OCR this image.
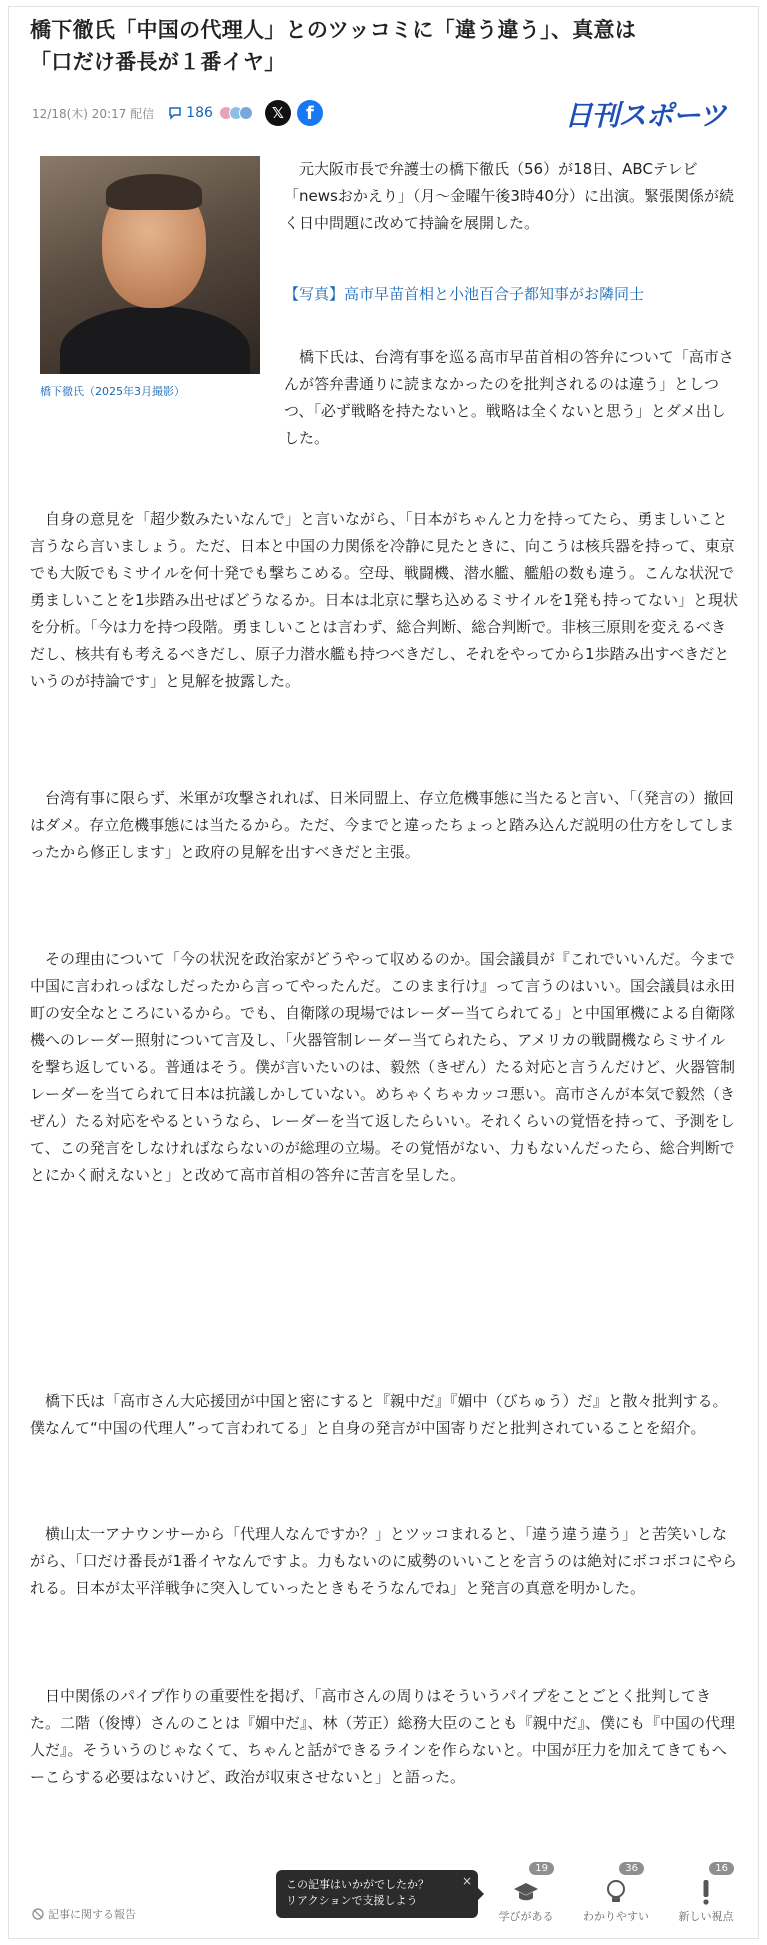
橋下徹氏「中国の代理人」とのツッコミに「違う違う」、真意は
「口だけ番長が１番イヤ」
12/18(木) 20:17 配信 186	𝕏	f	日刊スポーツ
橋下徹氏（2025年3月撮影）

元大阪市長で弁護士の橋下徹氏（56）が18日、ABCテレビ「newsおかえり」（月～金曜午後3時40分）に出演。緊張関係が続く日中問題に改めて持論を展開した。

【写真】高市早苗首相と小池百合子都知事がお隣同士

橋下氏は、台湾有事を巡る高市早苗首相の答弁について「高市さんが答弁書通りに読まなかったのを批判されるのは違う」としつつ、「必ず戦略を持たないと。戦略は全くないと思う」とダメ出しした。

自身の意見を「超少数みたいなんで」と言いながら、「日本がちゃんと力を持ってたら、勇ましいこと言うなら言いましょう。ただ、日本と中国の力関係を冷静に見たときに、向こうは核兵器を持って、東京でも大阪でもミサイルを何十発でも撃ちこめる。空母、戦闘機、潜水艦、艦船の数も違う。こんな状況で勇ましいことを1歩踏み出せばどうなるか。日本は北京に撃ち込めるミサイルを1発も持ってない」と現状を分析。「今は力を持つ段階。勇ましいことは言わず、総合判断、総合判断で。非核三原則を変えるべきだし、核共有も考えるべきだし、原子力潜水艦も持つべきだし、それをやってから1歩踏み出すべきだというのが持論です」と見解を披露した。

台湾有事に限らず、米軍が攻撃されれば、日米同盟上、存立危機事態に当たると言い、「（発言の）撤回はダメ。存立危機事態には当たるから。ただ、今までと違ったちょっと踏み込んだ説明の仕方をしてしまったから修正します」と政府の見解を出すべきだと主張。

その理由について「今の状況を政治家がどうやって収めるのか。国会議員が『これでいいんだ。今まで中国に言われっぱなしだったから言ってやったんだ。このまま行け』って言うのはいい。国会議員は永田町の安全なところにいるから。でも、自衛隊の現場ではレーダー当てられてる」と中国軍機による自衛隊機へのレーダー照射について言及し、「火器管制レーダー当てられたら、アメリカの戦闘機ならミサイルを撃ち返している。普通はそう。僕が言いたいのは、毅然（きぜん）たる対応と言うんだけど、火器管制レーダーを当てられて日本は抗議しかしていない。めちゃくちゃカッコ悪い。高市さんが本気で毅然（きぜん）たる対応をやるというなら、レーダーを当て返したらいい。それくらいの覚悟を持って、予測をして、この発言をしなければならないのが総理の立場。その覚悟がない、力もないんだったら、総合判断でとにかく耐えないと」と改めて高市首相の答弁に苦言を呈した。

橋下氏は「高市さん大応援団が中国と密にすると『親中だ』『媚中（びちゅう）だ』と散々批判する。僕なんて“中国の代理人”って言われてる」と自身の発言が中国寄りだと批判されていることを紹介。

横山太一アナウンサーから「代理人なんですか？」とツッコまれると、「違う違う違う」と苦笑いしながら、「口だけ番長が1番イヤなんですよ。力もないのに威勢のいいことを言うのは絶対にボコボコにやられる。日本が太平洋戦争に突入していったときもそうなんでね」と発言の真意を明かした。

日中関係のパイプ作りの重要性を掲げ、「高市さんの周りはそういうパイプをことごとく批判してきた。二階（俊博）さんのことは『媚中だ』、林（芳正）総務大臣のことも『親中だ』、僕にも『中国の代理人だ』。そういうのじゃなくて、ちゃんと話ができるラインを作らないと。中国が圧力を加えてきてもへーこらする必要はないけど、政治が収束させないと」と語った。

記事に関する報告
×
この記事はいかがでしたか？
リアクションで支援しよう
19
学びがある
36
わかりやすい
16
新しい視点
